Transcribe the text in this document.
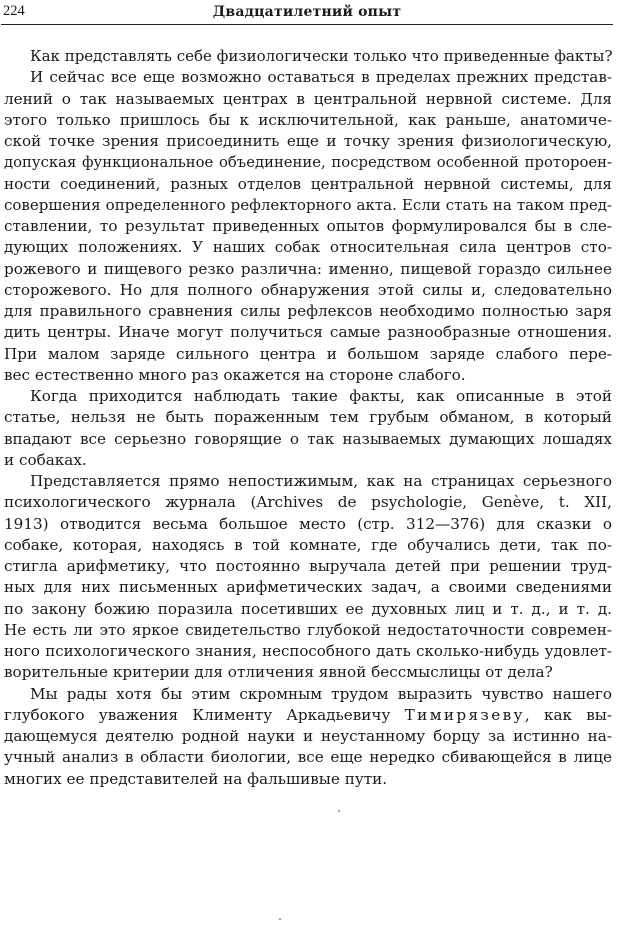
224	Двадцатилетний опыт
Как представлять себе физиологически только что приведенные факты?
И сейчас все еще возможно оставаться в пределах прежних представ-
лений о так называемых центрах в центральной нервной системе. Для
этого только пришлось бы к исключительной, как раньше, анатомиче-
ской точке зрения присоединить еще и точку зрения физиологическую,
допуская функциональное объединение, посредством особенной протороен-
ности соединений, разных отделов центральной нервной системы, для
совершения определенного рефлекторного акта. Если стать на таком пред-
ставлении, то результат приведенных опытов формулировался бы в сле-
дующих положениях. У наших собак относительная сила центров сто-
рожевого и пищевого резко различна: именно, пищевой гораздо сильнее
сторожевого. Но для полного обнаружения этой силы и, следовательно
для правильного сравнения силы рефлексов необходимо полностью заря
дить центры. Иначе могут получиться самые разнообразные отношения.
При малом заряде сильного центра и большом заряде слабого пере-
вес естественно много раз окажется на стороне слабого.
Когда приходится наблюдать такие факты, как описанные в этой
статье, нельзя не быть пораженным тем грубым обманом, в который
впадают все серьезно говорящие о так называемых думающих лошадях
и собаках.
Представляется прямо непостижимым, как на страницах серьезного
психологического журнала (Archives de psychologie, Genève, t. XII,
1913) отводится весьма большое место (стр. 312—376) для сказки о
собаке, которая, находясь в той комнате, где обучались дети, так по-
стигла арифметику, что постоянно выручала детей при решении труд-
ных для них письменных арифметических задач, а своими сведениями
по закону божию поразила посетивших ее духовных лиц и т. д., и т. д.
Не есть ли это яркое свидетельство глубокой недостаточности современ-
ного психологического знания, неспособного дать сколько-нибудь удовлет-
ворительные критерии для отличения явной бессмыслицы от дела?
Мы рады хотя бы этим скромным трудом выразить чувство нашего
глубокого уважения Клименту Аркадьевичу Тимирязеву, как вы-
дающемуся деятелю родной науки и неустанному борцу за истинно на-
учный анализ в области биологии, все еще нередко сбивающейся в лице
многих ее представителей на фальшивые пути.
